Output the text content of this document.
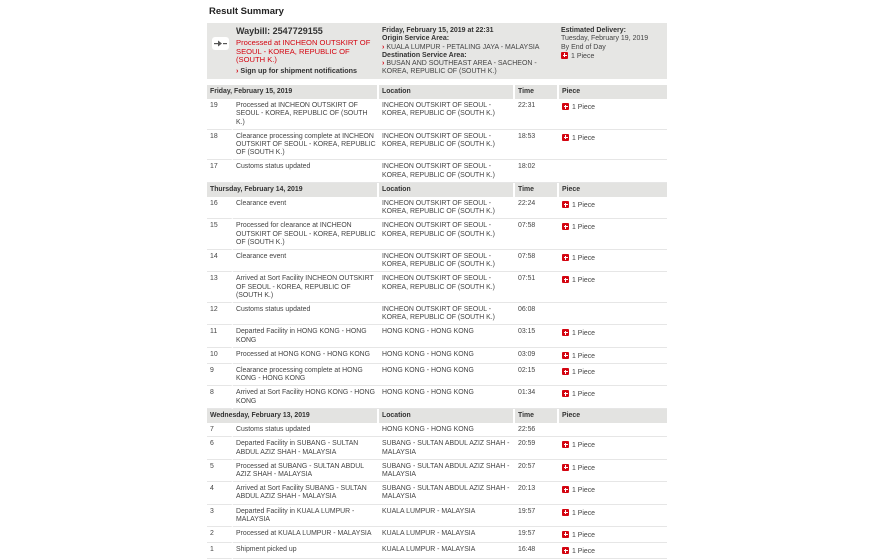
Result Summary
Waybill: 2547729155
Processed at INCHEON OUTSKIRT OF SEOUL - KOREA, REPUBLIC OF (SOUTH K.)
› Sign up for shipment notifications
Friday, February 15, 2019 at 22:31
Origin Service Area:
› KUALA LUMPUR - PETALING JAYA - MALAYSIA
Destination Service Area:
› BUSAN AND SOUTHEAST AREA - SACHEON - KOREA, REPUBLIC OF (SOUTH K.)
Estimated Delivery:
Tuesday, February 19, 2019
By End of Day
1 Piece
Friday, February 15, 2019		Location	Time	Piece
19	Processed at INCHEON OUTSKIRT OF SEOUL - KOREA, REPUBLIC OF (SOUTH K.)	INCHEON OUTSKIRT OF SEOUL - KOREA, REPUBLIC OF (SOUTH K.)	22:31	1 Piece
18	Clearance processing complete at INCHEON OUTSKIRT OF SEOUL - KOREA, REPUBLIC OF (SOUTH K.)	INCHEON OUTSKIRT OF SEOUL - KOREA, REPUBLIC OF (SOUTH K.)	18:53	1 Piece
17	Customs status updated	INCHEON OUTSKIRT OF SEOUL - KOREA, REPUBLIC OF (SOUTH K.)	18:02	
Thursday, February 14, 2019		Location	Time	Piece
16	Clearance event	INCHEON OUTSKIRT OF SEOUL - KOREA, REPUBLIC OF (SOUTH K.)	22:24	1 Piece
15	Processed for clearance at INCHEON OUTSKIRT OF SEOUL - KOREA, REPUBLIC OF (SOUTH K.)	INCHEON OUTSKIRT OF SEOUL - KOREA, REPUBLIC OF (SOUTH K.)	07:58	1 Piece
14	Clearance event	INCHEON OUTSKIRT OF SEOUL - KOREA, REPUBLIC OF (SOUTH K.)	07:58	1 Piece
13	Arrived at Sort Facility INCHEON OUTSKIRT OF SEOUL - KOREA, REPUBLIC OF (SOUTH K.)	INCHEON OUTSKIRT OF SEOUL - KOREA, REPUBLIC OF (SOUTH K.)	07:51	1 Piece
12	Customs status updated	INCHEON OUTSKIRT OF SEOUL - KOREA, REPUBLIC OF (SOUTH K.)	06:08	
11	Departed Facility in HONG KONG - HONG KONG	HONG KONG - HONG KONG	03:15	1 Piece
10	Processed at HONG KONG - HONG KONG	HONG KONG - HONG KONG	03:09	1 Piece
9	Clearance processing complete at HONG KONG - HONG KONG	HONG KONG - HONG KONG	02:15	1 Piece
8	Arrived at Sort Facility HONG KONG - HONG KONG	HONG KONG - HONG KONG	01:34	1 Piece
Wednesday, February 13, 2019		Location	Time	Piece
7	Customs status updated	HONG KONG - HONG KONG	22:56	
6	Departed Facility in SUBANG - SULTAN ABDUL AZIZ SHAH - MALAYSIA	SUBANG - SULTAN ABDUL AZIZ SHAH - MALAYSIA	20:59	1 Piece
5	Processed at SUBANG - SULTAN ABDUL AZIZ SHAH - MALAYSIA	SUBANG - SULTAN ABDUL AZIZ SHAH - MALAYSIA	20:57	1 Piece
4	Arrived at Sort Facility SUBANG - SULTAN ABDUL AZIZ SHAH - MALAYSIA	SUBANG - SULTAN ABDUL AZIZ SHAH - MALAYSIA	20:13	1 Piece
3	Departed Facility in KUALA LUMPUR - MALAYSIA	KUALA LUMPUR - MALAYSIA	19:57	1 Piece
2	Processed at KUALA LUMPUR - MALAYSIA	KUALA LUMPUR - MALAYSIA	19:57	1 Piece
1	Shipment picked up	KUALA LUMPUR - MALAYSIA	16:48	1 Piece
